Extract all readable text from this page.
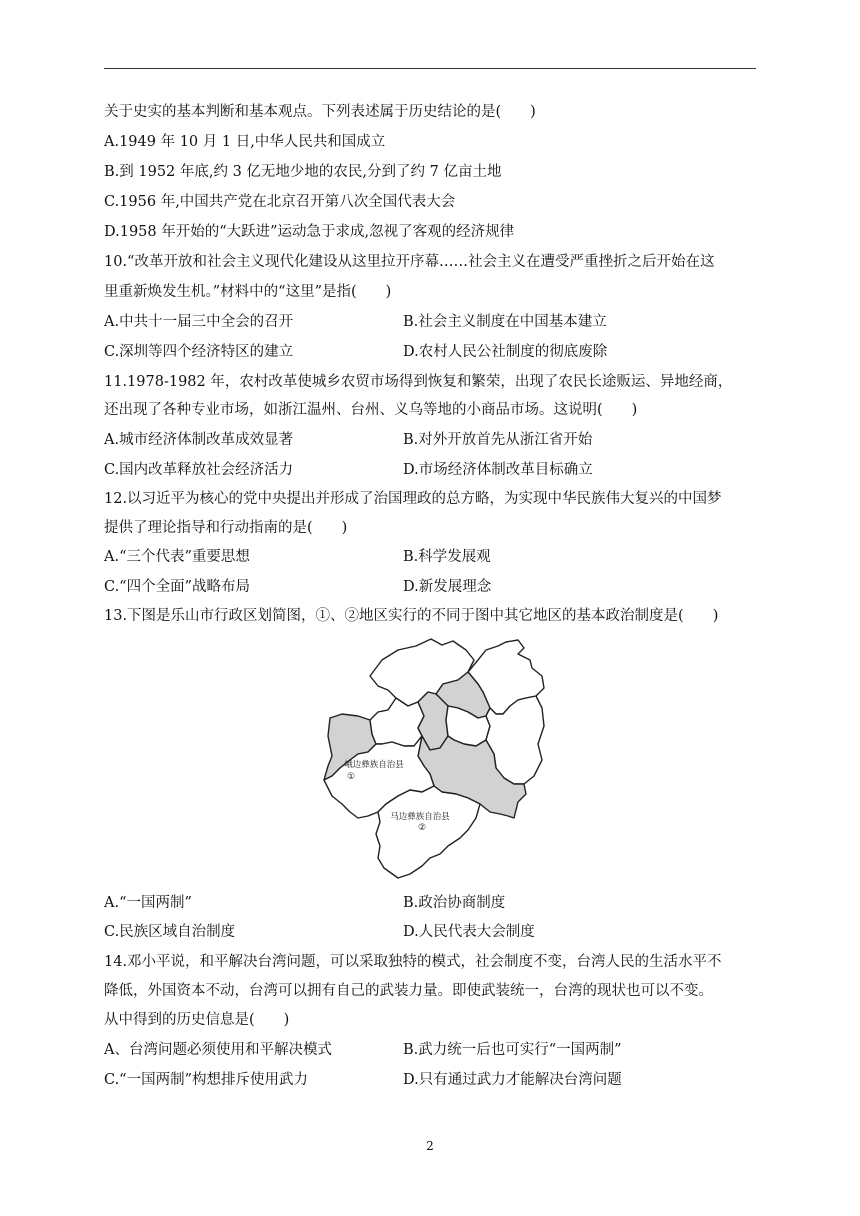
关于史实的基本判断和基本观点。下列表述属于历史结论的是(　　)
A.1949 年 10 月 1 日,中华人民共和国成立
B.到 1952 年底,约 3 亿无地少地的农民,分到了约 7 亿亩土地
C.1956 年,中国共产党在北京召开第八次全国代表大会
D.1958 年开始的“大跃进”运动急于求成,忽视了客观的经济规律
10.“改革开放和社会主义现代化建设从这里拉开序幕……社会主义在遭受严重挫折之后开始在这
里重新焕发生机。”材料中的“这里”是指(　　)
A.中共十一届三中全会的召开	B.社会主义制度在中国基本建立
C.深圳等四个经济特区的建立	D.农村人民公社制度的彻底废除
11.1978-1982 年，农村改革使城乡农贸市场得到恢复和繁荣，出现了农民长途贩运、异地经商，
还出现了各种专业市场，如浙江温州、台州、义乌等地的小商品市场。这说明(　　)
A.城市经济体制改革成效显著	B.对外开放首先从浙江省开始
C.国内改革释放社会经济活力	D.市场经济体制改革目标确立
12.以习近平为核心的党中央提出并形成了治国理政的总方略，为实现中华民族伟大复兴的中国梦
提供了理论指导和行动指南的是(　　)
A.“三个代表”重要思想	B.科学发展观
C.“四个全面”战略布局	D.新发展理念
13.下图是乐山市行政区划简图，①、②地区实行的不同于图中其它地区的基本政治制度是(　　)
峨边彝族自治县
①
马边彝族自治县
②
A.“一国两制”	B.政治协商制度
C.民族区域自治制度	D.人民代表大会制度
14.邓小平说，和平解决台湾问题，可以采取独特的模式，社会制度不变，台湾人民的生活水平不
降低，外国资本不动，台湾可以拥有自己的武装力量。即使武装统一，台湾的现状也可以不变。
从中得到的历史信息是(　　)
A、台湾问题必须使用和平解决模式	B.武力统一后也可实行“一国两制”
C.“一国两制”构想排斥使用武力	D.只有通过武力才能解决台湾问题
2
